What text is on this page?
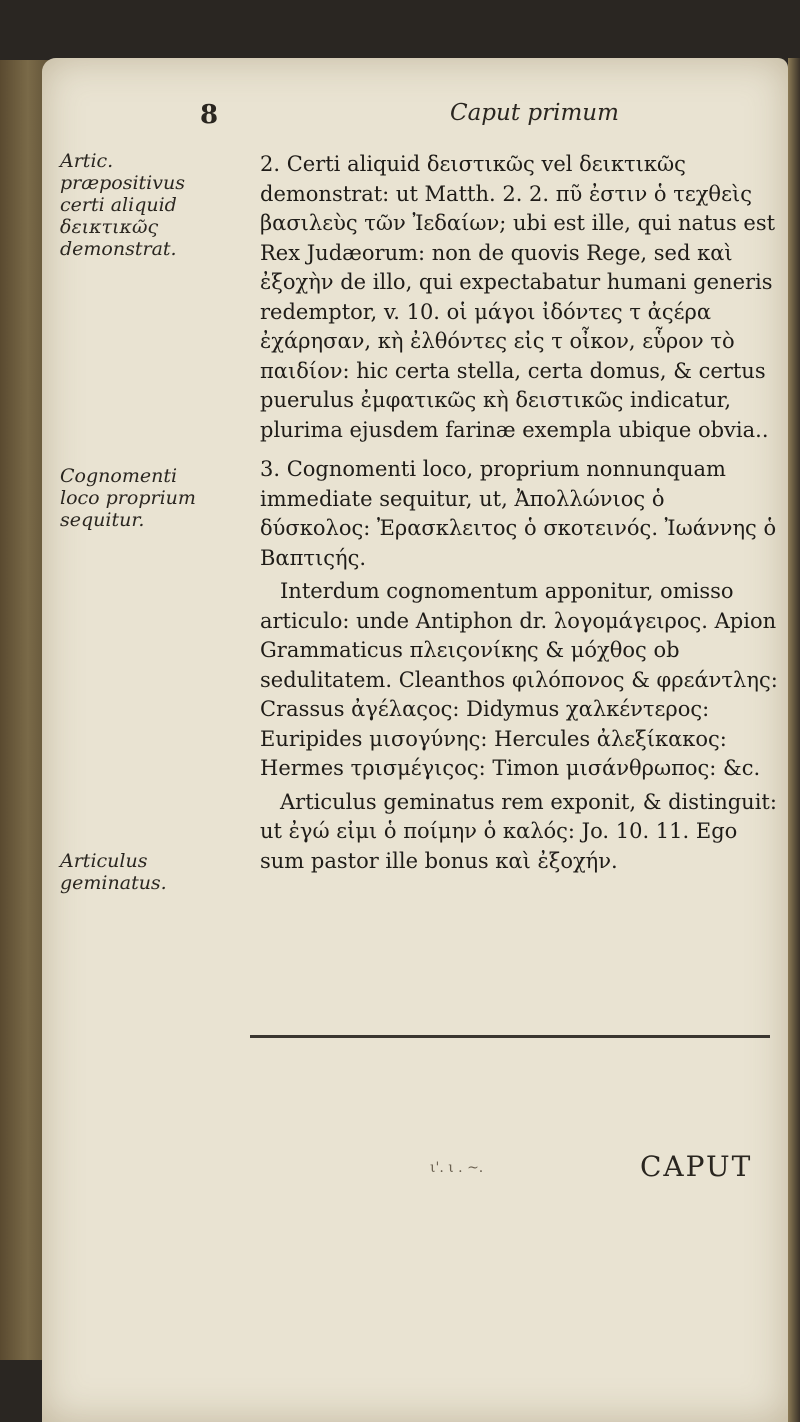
8	Caput primum
Artic. præpositivus certi aliquid δεικτικῶς demonstrat.
Cognomenti loco proprium sequitur.
Articulus geminatus.

2. Certi aliquid δειστικῶς vel δεικτικῶς demonstrat: ut Matth. 2. 2. πῦ ἐστιν ὁ τεχθεὶς βασιλεὺς τῶν Ἰεδαίων; ubi est ille, qui natus est Rex Judæorum: non de quovis Rege, sed καὶ ἐξοχὴν de illo, qui expectabatur humani generis redemptor, v. 10. οἱ μάγοι ἰδόντες τ ἀςέρα ἐχάρησαν, κὴ ἐλθόντες εἰς τ οἶκον, εὗρον τὸ παιδίον: hic certa stella, certa domus, & certus puerulus ἐμφατικῶς κὴ δειστικῶς indicatur, plurima ejusdem farinæ exempla ubique obvia..

3. Cognomenti loco, proprium nonnunquam immediate sequitur, ut, Ἀπολλώνιος ὁ δύσκολος: Ἐρασκλειτος ὁ σκοτεινός. Ἰωάννης ὁ Βαπτιςής.

Interdum cognomentum apponitur, omisso articulo: unde Antiphon dr. λογομάγειρος. Apion Grammaticus πλειςονίκης & μόχθος ob sedulitatem. Cleanthos φιλόπονος & φρεάντλης: Crassus ἀγέλαςος: Didymus χαλκέντερος: Euripides μισογύνης: Hercules ἀλεξίκακος: Hermes τρισμέγιςος: Timon μισάνθρωπος: &c.

Articulus geminatus rem exponit, & distinguit: ut ἐγώ εἰμι ὁ ποίμην ὁ καλός: Jo. 10. 11. Ego sum pastor ille bonus καὶ ἐξοχήν.

ι'. ι . ~.	CAPUT
